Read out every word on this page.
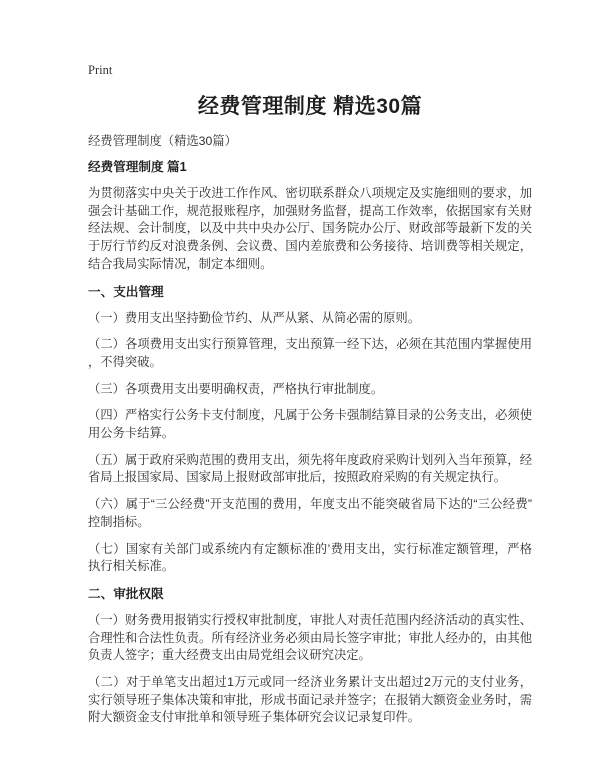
Print
经费管理制度 精选30篇

经费管理制度（精选30篇）

经费管理制度 篇1

为贯彻落实中央关于改进工作作风、密切联系群众八项规定及实施细则的要求，加强会计基础工作，规范报账程序，加强财务监督，提高工作效率，依据国家有关财经法规、会计制度，以及中共中央办公厅、国务院办公厅、财政部等最新下发的关于厉行节约反对浪费条例、会议费、国内差旅费和公务接待、培训费等相关规定，结合我局实际情况，制定本细则。

一、支出管理

（一）费用支出坚持勤俭节约、从严从紧、从简必需的原则。

（二）各项费用支出实行预算管理，支出预算一经下达，必须在其范围内掌握使用，不得突破。

（三）各项费用支出要明确权责，严格执行审批制度。

（四）严格实行公务卡支付制度，凡属于公务卡强制结算目录的公务支出，必须使用公务卡结算。

（五）属于政府采购范围的费用支出，须先将年度政府采购计划列入当年预算，经省局上报国家局、国家局上报财政部审批后，按照政府采购的有关规定执行。

（六）属于“三公经费”开支范围的费用，年度支出不能突破省局下达的“三公经费”控制指标。

（七）国家有关部门或系统内有定额标准的’费用支出，实行标准定额管理，严格执行相关标准。

二、审批权限

（一）财务费用报销实行授权审批制度，审批人对责任范围内经济活动的真实性、合理性和合法性负责。所有经济业务必须由局长签字审批；审批人经办的，由其他负责人签字；重大经费支出由局党组会议研究决定。

（二）对于单笔支出超过1万元或同一经济业务累计支出超过2万元的支付业务，实行领导班子集体决策和审批，形成书面记录并签字；在报销大额资金业务时，需附大额资金支付审批单和领导班子集体研究会议记录复印件。
